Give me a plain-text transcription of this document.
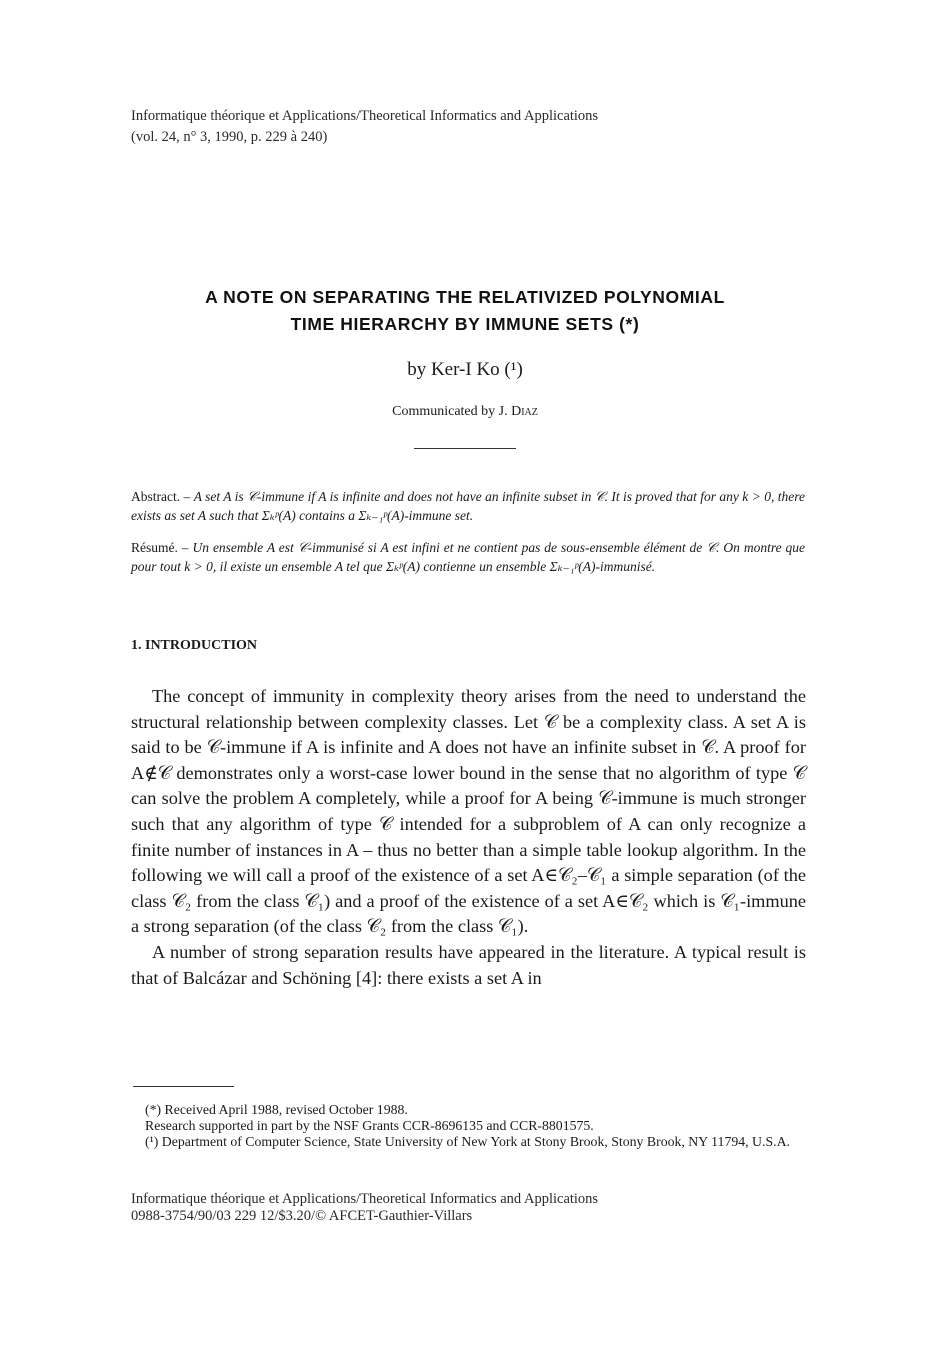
Informatique théorique et Applications/Theoretical Informatics and Applications
(vol. 24, n° 3, 1990, p. 229 à 240)
A NOTE ON SEPARATING THE RELATIVIZED POLYNOMIAL
TIME HIERARCHY BY IMMUNE SETS (*)
by Ker-I Ko (¹)
Communicated by J. Diaz
Abstract. – A set A is 𝒞-immune if A is infinite and does not have an infinite subset in 𝒞. It is proved that for any k > 0, there exists as set A such that Σₖᵖ(A) contains a Σₖ₋₁ᵖ(A)-immune set.
Résumé. – Un ensemble A est 𝒞-immunisé si A est infini et ne contient pas de sous-ensemble élément de 𝒞. On montre que pour tout k > 0, il existe un ensemble A tel que Σₖᵖ(A) contienne un ensemble Σₖ₋₁ᵖ(A)-immunisé.
1. INTRODUCTION

The concept of immunity in complexity theory arises from the need to understand the structural relationship between complexity classes. Let 𝒞 be a complexity class. A set A is said to be 𝒞-immune if A is infinite and A does not have an infinite subset in 𝒞. A proof for A∉𝒞 demonstrates only a worst-case lower bound in the sense that no algorithm of type 𝒞 can solve the problem A completely, while a proof for A being 𝒞-immune is much stronger such that any algorithm of type 𝒞 intended for a subproblem of A can only recognize a finite number of instances in A – thus no better than a simple table lookup algorithm. In the following we will call a proof of the existence of a set A∈𝒞₂–𝒞₁ a simple separation (of the class 𝒞₂ from the class 𝒞₁) and a proof of the existence of a set A∈𝒞₂ which is 𝒞₁-immune a strong separation (of the class 𝒞₂ from the class 𝒞₁).

A number of strong separation results have appeared in the literature. A typical result is that of Balcázar and Schöning [4]: there exists a set A in

(*) Received April 1988, revised October 1988.

Research supported in part by the NSF Grants CCR-8696135 and CCR-8801575.

(¹) Department of Computer Science, State University of New York at Stony Brook, Stony Brook, NY 11794, U.S.A.

Informatique théorique et Applications/Theoretical Informatics and Applications
0988-3754/90/03 229 12/$3.20/© AFCET-Gauthier-Villars
